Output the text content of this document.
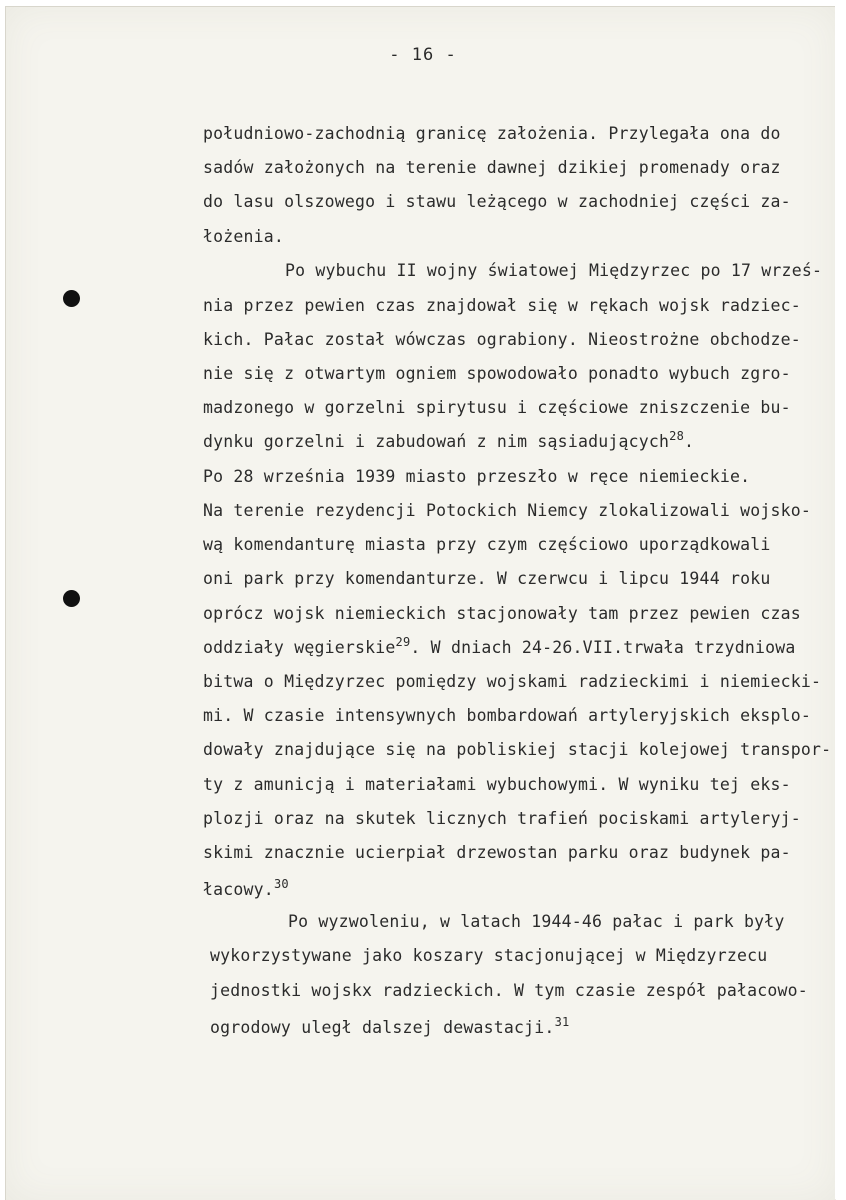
- 16 -
południowo-zachodnią granicę założenia. Przylegała ona do
sadów założonych na terenie dawnej dzikiej promenady oraz
do lasu olszowego i stawu leżącego w zachodniej części za-
łożenia.
Po wybuchu II wojny światowej Międzyrzec po 17 wrześ-
nia przez pewien czas znajdował się w rękach wojsk radziec-
kich. Pałac został wówczas ograbiony. Nieostrożne obchodze-
nie się z otwartym ogniem spowodowało ponadto wybuch zgro-
madzonego w gorzelni spirytusu i częściowe zniszczenie bu-
dynku gorzelni i zabudowań z nim sąsiadujących$^{28}$.
Po 28 września 1939 miasto przeszło w ręce niemieckie.
Na terenie rezydencji Potockich Niemcy zlokalizowali wojsko-
wą komendanturę miasta przy czym częściowo uporządkowali
oni park przy komendanturze. W czerwcu i lipcu 1944 roku
oprócz wojsk niemieckich stacjonowały tam przez pewien czas
oddziały węgierskie$^{29}$. W dniach 24-26.VII.trwała trzydniowa
bitwa o Międzyrzec pomiędzy wojskami radzieckimi i niemiecki-
mi. W czasie intensywnych bombardowań artyleryjskich eksplo-
dowały znajdujące się na pobliskiej stacji kolejowej transpor-
ty z amunicją i materiałami wybuchowymi. W wyniku tej eks-
plozji oraz na skutek licznych trafień pociskami artyleryj-
skimi znacznie ucierpiał drzewostan parku oraz budynek pa-
łacowy.$^{30}$
Po wyzwoleniu, w latach 1944-46 pałac i park były
wykorzystywane jako koszary stacjonującej w Międzyrzecu
jednostki wojskx radzieckich. W tym czasie zespół pałacowo-
ogrodowy uległ dalszej dewastacji.$^{31}$
